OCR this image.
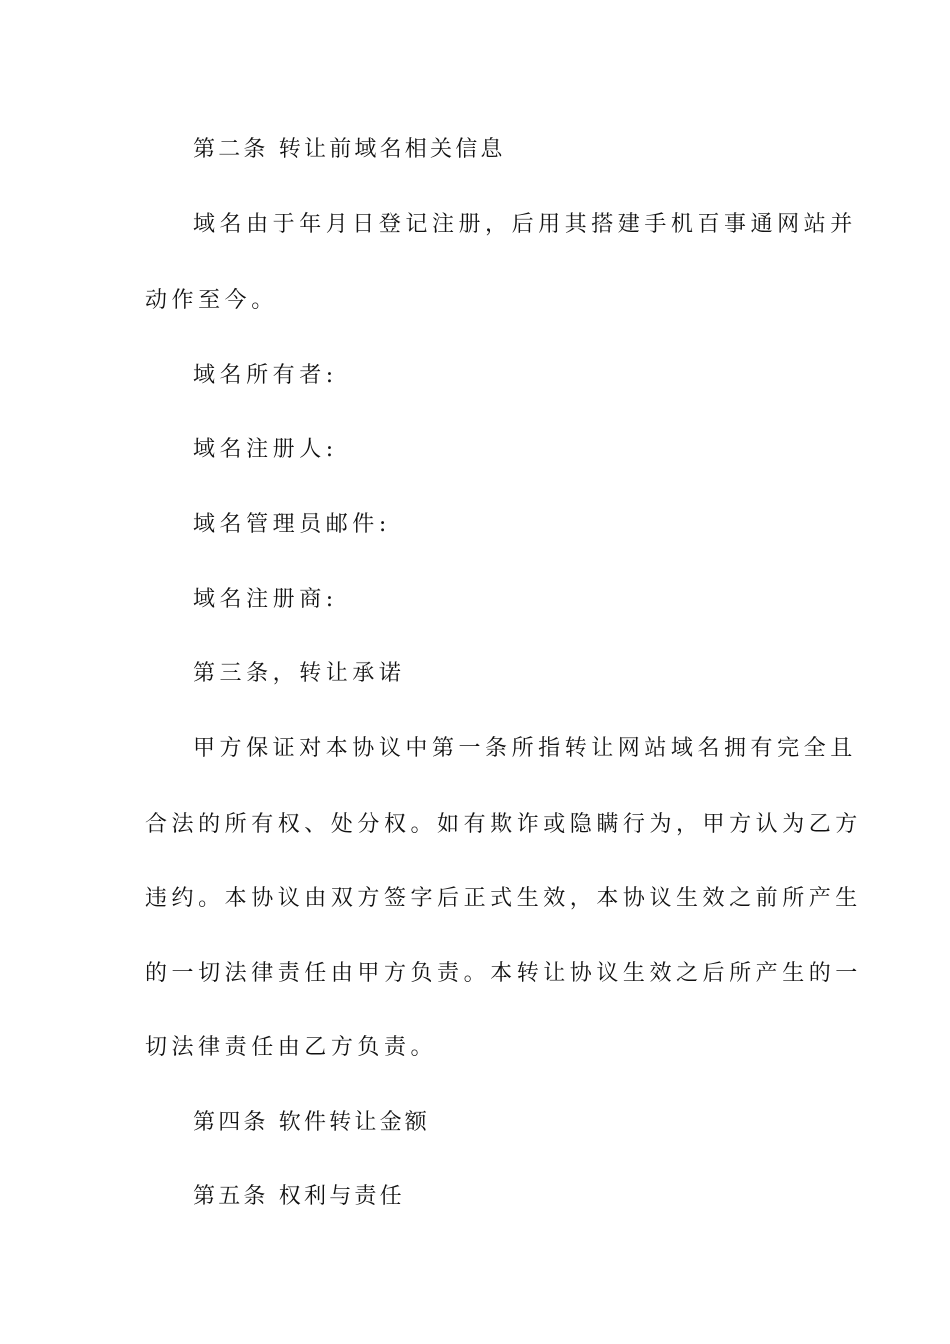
第二条 转让前域名相关信息
域名由于年月日登记注册，后用其搭建手机百事通网站并
动作至今。
域名所有者:
域名注册人:
域名管理员邮件:
域名注册商:
第三条，转让承诺
甲方保证对本协议中第一条所指转让网站域名拥有完全且
合法的所有权、处分权。如有欺诈或隐瞒行为，甲方认为乙方
违约。本协议由双方签字后正式生效，本协议生效之前所产生
的一切法律责任由甲方负责。本转让协议生效之后所产生的一
切法律责任由乙方负责。
第四条 软件转让金额
第五条 权利与责任
